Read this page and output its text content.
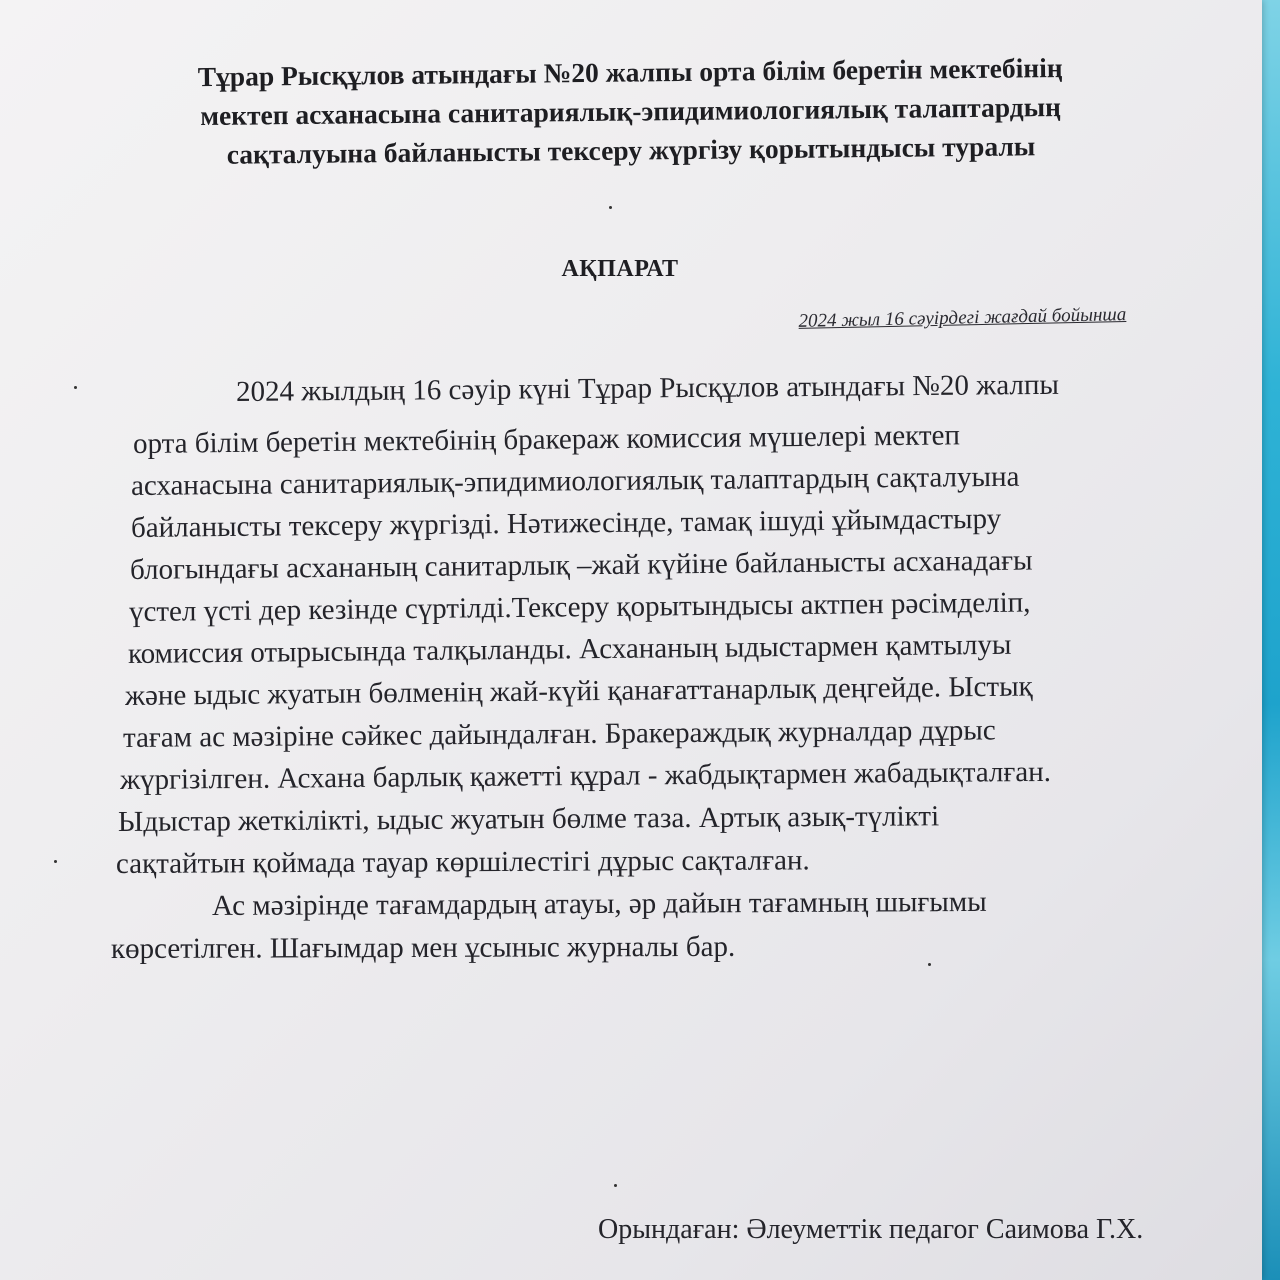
Тұрар Рысқұлов атындағы №20 жалпы орта білім беретін мектебінің
мектеп асханасына санитариялық-эпидимиологиялық талаптардың
сақталуына байланысты тексеру жүргізу қорытындысы туралы
АҚПАРАТ
2024 жыл 16 сәуірдегі жағдай бойынша
2024 жылдың 16 сәуір күні Тұрар Рысқұлов атындағы №20 жалпы
орта білім беретін мектебінің бракераж комиссия мүшелері мектеп
асханасына санитариялық-эпидимиологиялық талаптардың сақталуына
байланысты тексеру жүргізді. Нәтижесінде, тамақ ішуді ұйымдастыру
блогындағы асхананың санитарлық –жай күйіне байланысты асханадағы
үстел үсті дер кезінде сүртілді.Тексеру қорытындысы актпен рәсімделіп,
комиссия отырысында талқыланды. Асхананың ыдыстармен қамтылуы
және ыдыс жуатын бөлменің жай-күйі қанағаттанарлық деңгейде. Ыстық
тағам ас мәзіріне сәйкес дайындалған. Бракераждық журналдар дұрыс
жүргізілген. Асхана барлық қажетті құрал - жабдықтармен жабадықталған.
Ыдыстар жеткілікті, ыдыс жуатын бөлме таза. Артық азық-түлікті
сақтайтын қоймада тауар көршілестігі дұрыс сақталған.
Ас мәзірінде тағамдардың атауы, әр дайын тағамның шығымы
көрсетілген. Шағымдар мен ұсыныс журналы бар.
Орындаған: Әлеуметтік педагог Саимова Г.Х.
